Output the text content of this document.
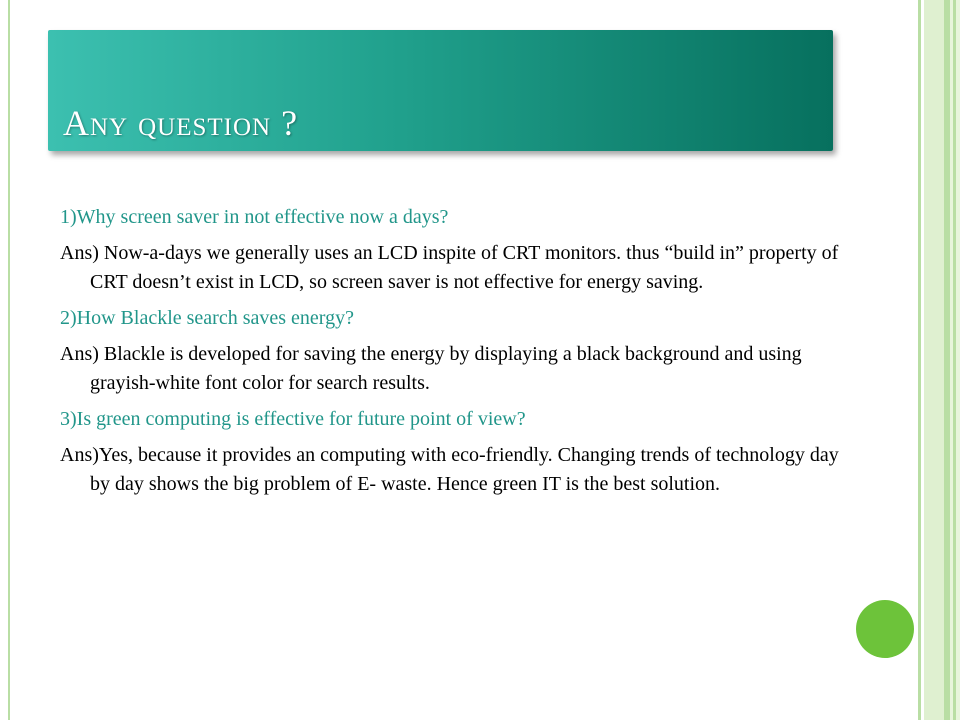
Any question ?
1)Why screen saver in not effective now a days?
Ans) Now-a-days we generally uses an LCD inspite of CRT monitors. thus “build in” property of CRT doesn’t exist in LCD, so screen saver is not effective for energy saving.
2)How Blackle search saves energy?
Ans) Blackle is developed for saving the energy by displaying a black background and using grayish-white font color for search results.
3)Is green computing is effective for future point of view?
Ans)Yes, because it provides an computing with eco-friendly. Changing trends of technology day by day shows the big problem of E- waste. Hence green IT is the best solution.
